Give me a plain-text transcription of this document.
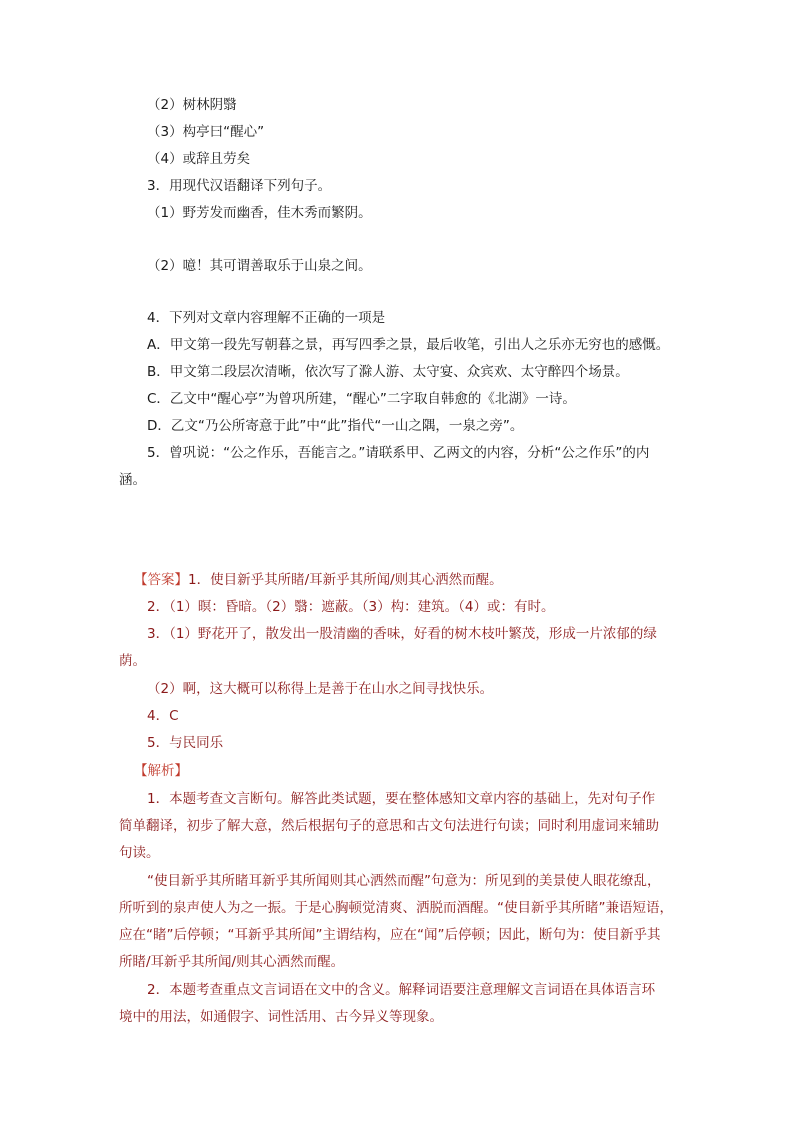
（2）树林阴翳
（3）构亭曰“醒心”
（4）或辞且劳矣
3．用现代汉语翻译下列句子。
（1）野芳发而幽香，佳木秀而繁阴。
（2）噫！其可谓善取乐于山泉之间。
4．下列对文章内容理解不正确的一项是
A．甲文第一段先写朝暮之景，再写四季之景，最后收笔，引出人之乐亦无穷也的感慨。
B．甲文第二段层次清晰，依次写了滁人游、太守宴、众宾欢、太守醉四个场景。
C．乙文中“醒心亭”为曾巩所建，“醒心”二字取自韩愈的《北湖》一诗。
D．乙文“乃公所寄意于此”中“此”指代“一山之隅，一泉之旁”。
5．曾巩说：“公之作乐，吾能言之。”请联系甲、乙两文的内容，分析“公之作乐”的内
涵。
【答案】1．使目新乎其所睹/耳新乎其所闻/则其心洒然而醒。
2．（1）暝：昏暗。（2）翳：遮蔽。（3）构：建筑。（4）或：有时。
3．（1）野花开了，散发出一股清幽的香味，好看的树木枝叶繁茂，形成一片浓郁的绿
荫。
（2）啊，这大概可以称得上是善于在山水之间寻找快乐。
4．C
5．与民同乐
【解析】
1．本题考查文言断句。解答此类试题，要在整体感知文章内容的基础上，先对句子作
简单翻译，初步了解大意，然后根据句子的意思和古文句法进行句读；同时利用虚词来辅助
句读。
“使目新乎其所睹耳新乎其所闻则其心洒然而醒”句意为：所见到的美景使人眼花缭乱，
所听到的泉声使人为之一振。于是心胸顿觉清爽、洒脱而酒醒。“使目新乎其所睹”兼语短语，
应在“睹”后停顿；“耳新乎其所闻”主谓结构，应在“闻”后停顿；因此，断句为：使目新乎其
所睹/耳新乎其所闻/则其心洒然而醒。
2．本题考查重点文言词语在文中的含义。解释词语要注意理解文言词语在具体语言环
境中的用法，如通假字、词性活用、古今异义等现象。
